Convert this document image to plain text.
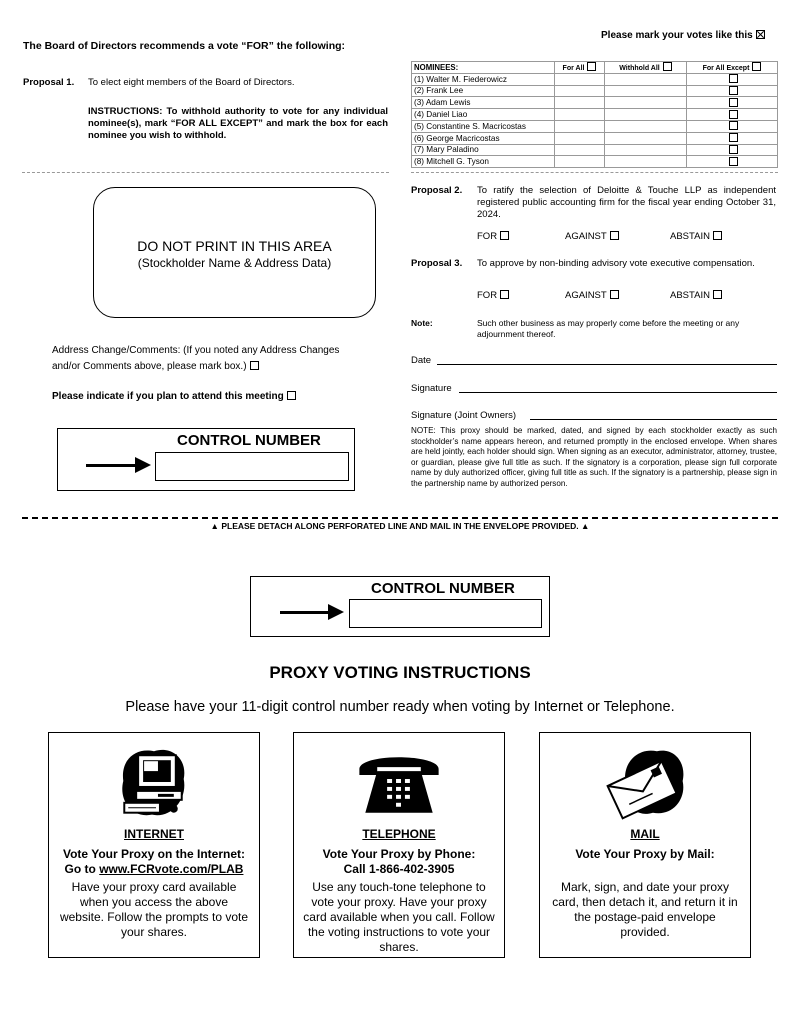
The Board of Directors recommends a vote “FOR” the following:
Please mark your votes like this
Proposal 1. To elect eight members of the Board of Directors.
INSTRUCTIONS: To withhold authority to vote for any individual nominee(s), mark “FOR ALL EXCEPT” and mark the box for each nominee you wish to withhold.
NOMINEES:	For All	Withhold All	For All Except
(1) Walter M. Fiederowicz			
(2) Frank Lee			
(3) Adam Lewis			
(4) Daniel Liao			
(5) Constantine S. Macricostas			
(6) George Macricostas			
(7) Mary Paladino			
(8) Mitchell G. Tyson			
DO NOT PRINT IN THIS AREA
(Stockholder Name & Address Data)
Address Change/Comments: (If you noted any Address Changes
and/or Comments above, please mark box.)
Please indicate if you plan to attend this meeting
CONTROL NUMBER
Proposal 2. To ratify the selection of Deloitte & Touche LLP as independent registered public accounting firm for the fiscal year ending October 31, 2024.
FOR	AGAINST	ABSTAIN
Proposal 3. To approve by non-binding advisory vote executive compensation.
FOR	AGAINST	ABSTAIN
Note:	Such other business as may properly come before the meeting or any adjournment thereof.
Date
Signature
Signature (Joint Owners)
NOTE: This proxy should be marked, dated, and signed by each stockholder exactly as such stockholder’s name appears hereon, and returned promptly in the enclosed envelope. When shares are held jointly, each holder should sign. When signing as an executor, administrator, attorney, trustee, or guardian, please give full title as such. If the signatory is a corporation, please sign full corporate name by duly authorized officer, giving full title as such. If the signatory is a partnership, please sign in the partnership name by authorized person.
▲ PLEASE DETACH ALONG PERFORATED LINE AND MAIL IN THE ENVELOPE PROVIDED. ▲
CONTROL NUMBER
PROXY VOTING INSTRUCTIONS
Please have your 11-digit control number ready when voting by Internet or Telephone.
INTERNET
Vote Your Proxy on the Internet:
Go to www.FCRvote.com/PLAB
Have your proxy card available when you access the above website. Follow the prompts to vote your shares.
TELEPHONE
Vote Your Proxy by Phone:
Call 1-866-402-3905
Use any touch-tone telephone to vote your proxy. Have your proxy card available when you call. Follow the voting instructions to vote your shares.
MAIL
Vote Your Proxy by Mail:
Mark, sign, and date your proxy card, then detach it, and return it in the postage-paid envelope provided.
